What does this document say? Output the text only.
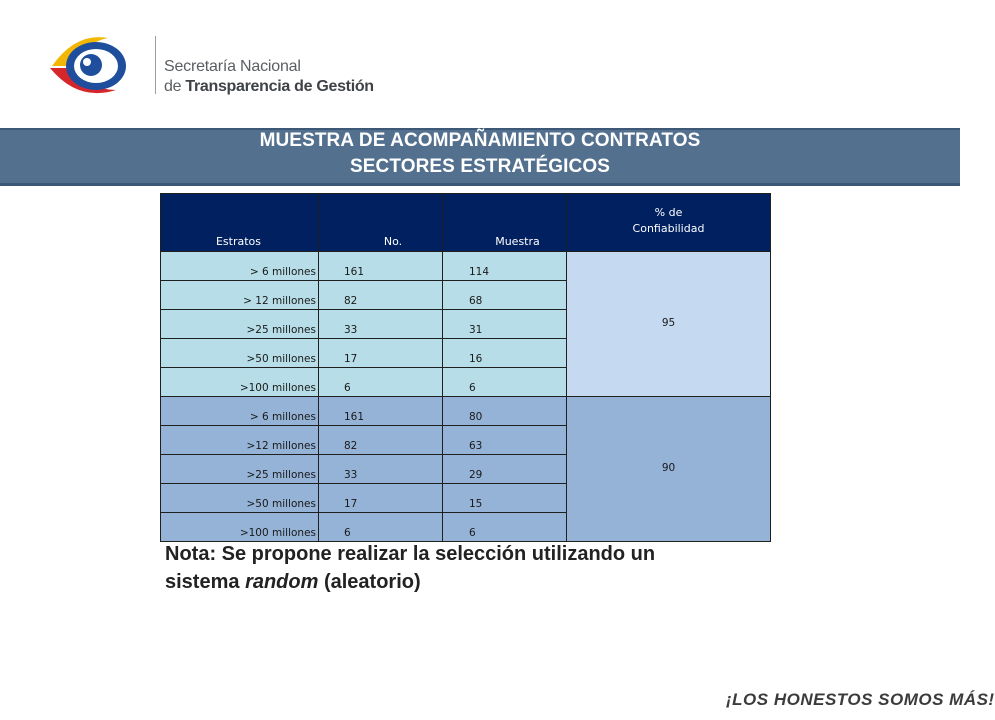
Secretaría Nacional
de Transparencia de Gestión
MUESTRA DE ACOMPAÑAMIENTO CONTRATOS
SECTORES ESTRATÉGICOS
Estratos	No.	Muestra	% de
Confiabilidad

> 6 millones	161	114	95
> 12 millones	82	68	
>25 millones	33	31	
>50 millones	17	16	
>100 millones	6	6	
> 6 millones	161	80	90
>12 millones	82	63	
>25 millones	33	29	
>50 millones	17	15	
>100 millones	6	6	
Nota: Se propone realizar la selección utilizando un
sistema random (aleatorio)
¡LOS HONESTOS SOMOS MÁS!
